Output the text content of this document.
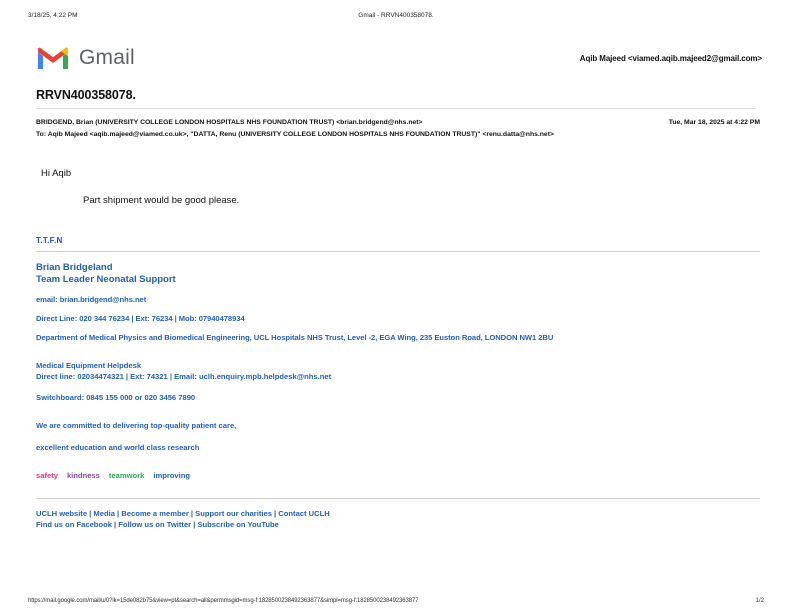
3/18/25, 4:22 PM	Gmail - RRVN400358078.
Gmail	Aqib Majeed <viamed.aqib.majeed2@gmail.com>
RRVN400358078.
BRIDGEND, Brian (UNIVERSITY COLLEGE LONDON HOSPITALS NHS FOUNDATION TRUST) <brian.bridgend@nhs.net>	Tue, Mar 18, 2025 at 4:22 PM
To: Aqib Majeed <aqib.majeed@viamed.co.uk>, "DATTA, Renu (UNIVERSITY COLLEGE LONDON HOSPITALS NHS FOUNDATION TRUST)" <renu.datta@nhs.net>
Hi Aqib
Part shipment would be good please.
T.T.F.N
Brian Bridgeland
Team Leader Neonatal Support
email: brian.bridgend@nhs.net
Direct Line: 020 344 76234 | Ext: 76234 | Mob: 07940478934
Department of Medical Physics and Biomedical Engineering, UCL Hospitals NHS Trust, Level -2, EGA Wing, 235 Euston Road, LONDON NW1 2BU
Medical Equipment Helpdesk
Direct line: 02034474321 | Ext: 74321 | Email: uclh.enquiry.mpb.helpdesk@nhs.net
Switchboard: 0845 155 000 or 020 3456 7890
We are committed to delivering top-quality patient care,
excellent education and world class research
safety kindness teamwork improving
UCLH website | Media | Become a member | Support our charities | Contact UCLH
Find us on Facebook | Follow us on Twitter | Subscribe on YouTube
https://mail.google.com/mail/u/0?ik=15de082b75&view=pt&search=all&permmsgid=msg-f:1828500238492363877&simpl=msg-f:1828500238492363877	1/2
